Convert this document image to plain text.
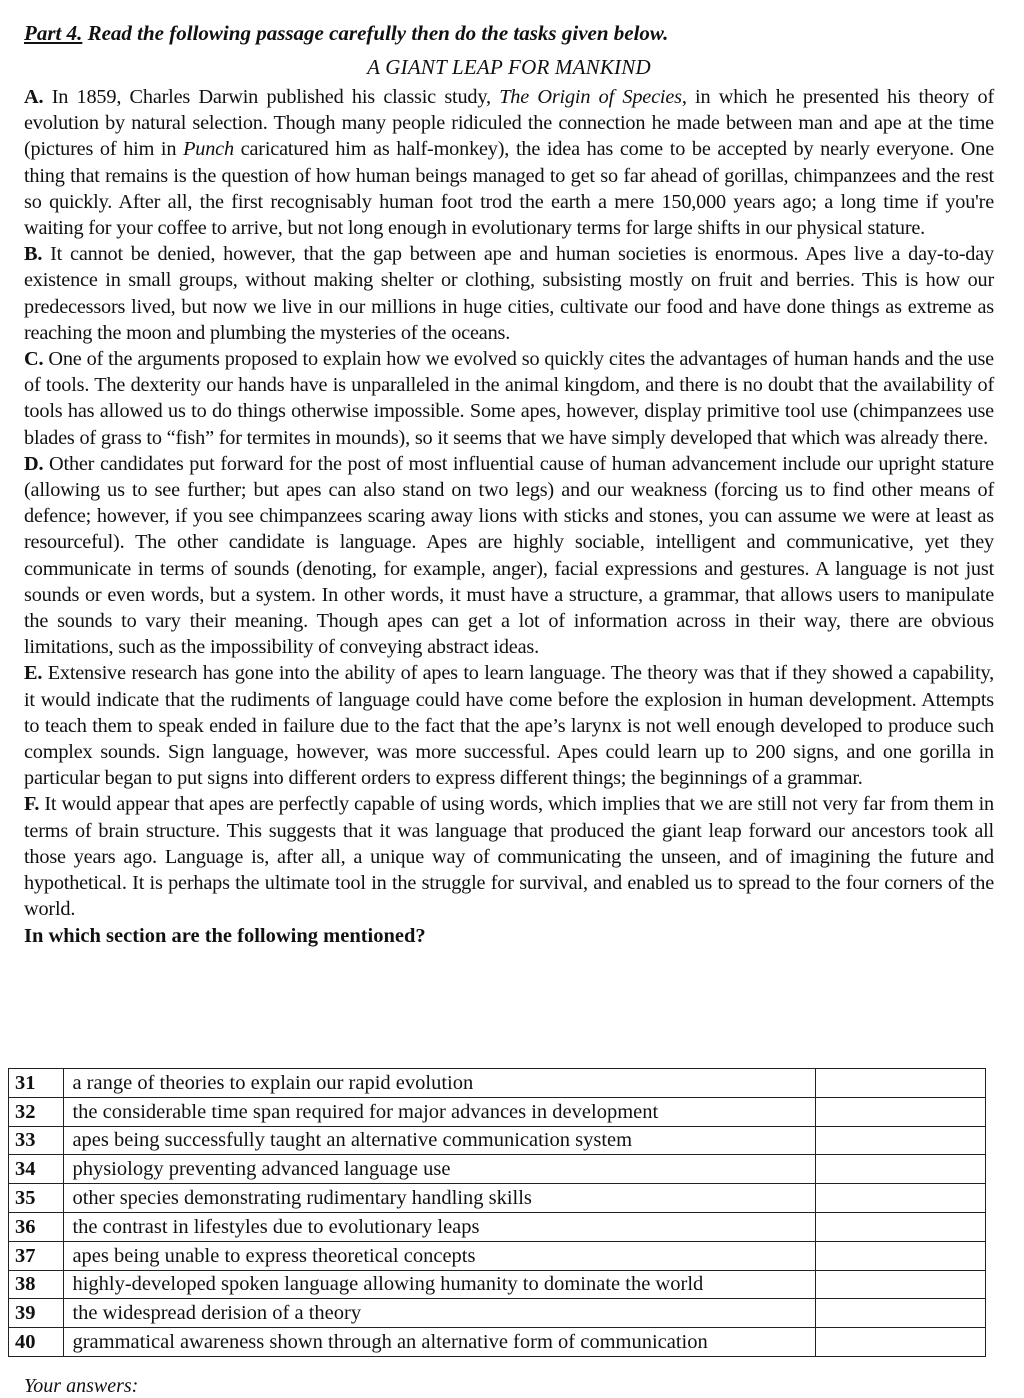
Part 4. Read the following passage carefully then do the tasks given below.

A GIANT LEAP FOR MANKIND

A. In 1859, Charles Darwin published his classic study, The Origin of Species, in which he presented his theory of evolution by natural selection. Though many people ridiculed the connection he made between man and ape at the time (pictures of him in Punch caricatured him as half-monkey), the idea has come to be accepted by nearly everyone. One thing that remains is the question of how human beings managed to get so far ahead of gorillas, chimpanzees and the rest so quickly. After all, the first recognisably human foot trod the earth a mere 150,000 years ago; a long time if you're waiting for your coffee to arrive, but not long enough in evolutionary terms for large shifts in our physical stature.

B. It cannot be denied, however, that the gap between ape and human societies is enormous. Apes live a day-to-day existence in small groups, without making shelter or clothing, subsisting mostly on fruit and berries. This is how our predecessors lived, but now we live in our millions in huge cities, cultivate our food and have done things as extreme as reaching the moon and plumbing the mysteries of the oceans.

C. One of the arguments proposed to explain how we evolved so quickly cites the advantages of human hands and the use of tools. The dexterity our hands have is unparalleled in the animal kingdom, and there is no doubt that the availability of tools has allowed us to do things otherwise impossible. Some apes, however, display primitive tool use (chimpanzees use blades of grass to “fish” for termites in mounds), so it seems that we have simply developed that which was already there.

D. Other candidates put forward for the post of most influential cause of human advancement include our upright stature (allowing us to see further; but apes can also stand on two legs) and our weakness (forcing us to find other means of defence; however, if you see chimpanzees scaring away lions with sticks and stones, you can assume we were at least as resourceful). The other candidate is language. Apes are highly sociable, intelligent and communicative, yet they communicate in terms of sounds (denoting, for example, anger), facial expressions and gestures. A language is not just sounds or even words, but a system. In other words, it must have a structure, a grammar, that allows users to manipulate the sounds to vary their meaning. Though apes can get a lot of information across in their way, there are obvious limitations, such as the impossibility of conveying abstract ideas.

E. Extensive research has gone into the ability of apes to learn language. The theory was that if they showed a capability, it would indicate that the rudiments of language could have come before the explosion in human development. Attempts to teach them to speak ended in failure due to the fact that the ape’s larynx is not well enough developed to produce such complex sounds. Sign language, however, was more successful. Apes could learn up to 200 signs, and one gorilla in particular began to put signs into different orders to express different things; the beginnings of a grammar.

F. It would appear that apes are perfectly capable of using words, which implies that we are still not very far from them in terms of brain structure. This suggests that it was language that produced the giant leap forward our ancestors took all those years ago. Language is, after all, a unique way of communicating the unseen, and of imagining the future and hypothetical. It is perhaps the ultimate tool in the struggle for survival, and enabled us to spread to the four corners of the world.

In which section are the following mentioned?

31	a range of theories to explain our rapid evolution	
32	the considerable time span required for major advances in development	
33	apes being successfully taught an alternative communication system	
34	physiology preventing advanced language use	
35	other species demonstrating rudimentary handling skills	
36	the contrast in lifestyles due to evolutionary leaps	
37	apes being unable to express theoretical concepts	
38	highly-developed spoken language allowing humanity to dominate the world	
39	the widespread derision of a theory	
40	grammatical awareness shown through an alternative form of communication	
Your answers:
